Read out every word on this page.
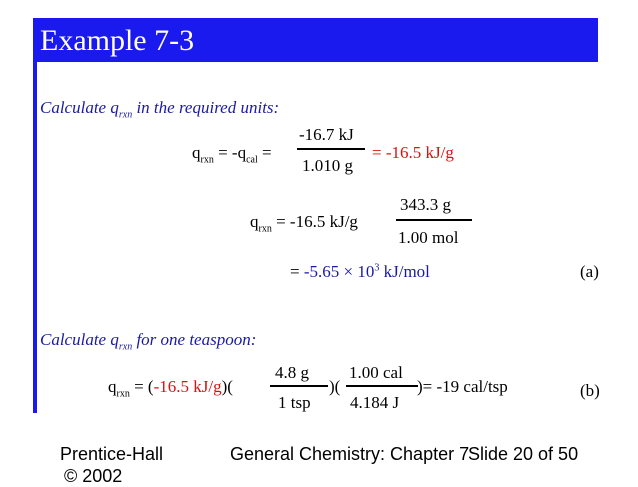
Example 7-3
Calculate $q_{rxn}$ in the required units:
$q_{rxn} = -q_{cal}$ =
-16.7 kJ
1.010 g
= -16.5 kJ/g
$q_{rxn} = -16.5$ kJ/g
343.3 g
1.00 mol
= $-5.65 \times 10^3$ kJ/mol	(a)
Calculate $q_{rxn}$ for one teaspoon:
$q_{rxn} = (-16.5$ kJ/g)(
4.8 g
1 tsp
)(
1.00 cal
4.184 J
)= -19 cal/tsp	(b)
Prentice-Hall
© 2002
General Chemistry: Chapter 7
Slide 20 of 50
